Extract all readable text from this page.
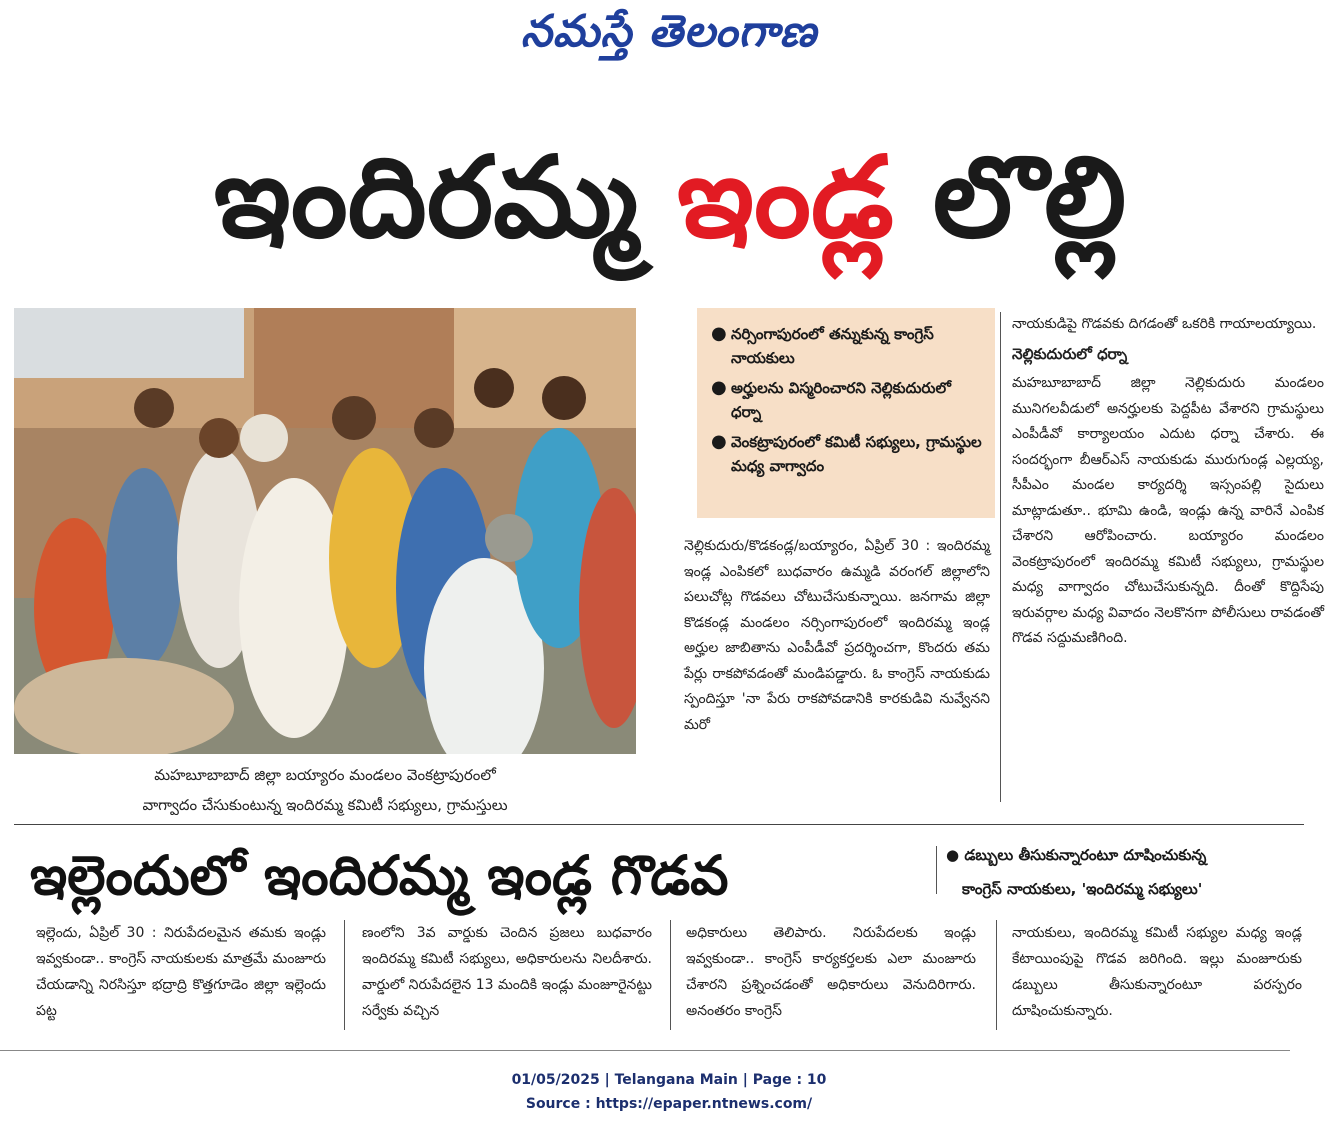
నమస్తే తెలంగాణ
ఇందిరమ్మ ఇండ్ల లొల్లి
మహబూబాబాద్ జిల్లా బయ్యారం మండలం వెంకట్రాపురంలో
వాగ్వాదం చేసుకుంటున్న ఇందిరమ్మ కమిటీ సభ్యులు, గ్రామస్తులు
● నర్సింగాపురంలో తన్నుకున్న కాంగ్రెస్ నాయకులు
● అర్హులను విస్మరించారని నెల్లికుదురులో ధర్నా
● వెంకట్రాపురంలో కమిటీ సభ్యులు, గ్రామస్థుల మధ్య వాగ్వాదం

నెల్లికుదురు/కొడకండ్ల/బయ్యారం, ఏప్రిల్ 30 : ఇందిరమ్మ ఇండ్ల ఎంపికలో బుధవారం ఉమ్మడి వరంగల్ జిల్లాలోని పలుచోట్ల గొడవలు చోటుచేసుకున్నాయి. జనగామ జిల్లా కొడకండ్ల మండలం నర్సింగాపురంలో ఇందిరమ్మ ఇండ్ల అర్హుల జాబితాను ఎంపీడీవో ప్రదర్శించగా, కొందరు తమ పేర్లు రాకపోవడంతో మండిపడ్డారు. ఓ కాంగ్రెస్ నాయకుడు స్పందిస్తూ 'నా పేరు రాకపోవడానికి కారకుడివి నువ్వేనని మరో

నాయకుడిపై గొడవకు దిగడంతో ఒకరికి గాయాలయ్యాయి.

నెల్లికుదురులో ధర్నా

మహబూబాబాద్ జిల్లా నెల్లికుదురు మండలం మునిగలవీడులో అనర్హులకు పెద్దపీట వేశారని గ్రామస్థులు ఎంపీడీవో కార్యాలయం ఎదుట ధర్నా చేశారు. ఈ సందర్భంగా బీఆర్‌ఎస్ నాయకుడు మురుగుండ్ల ఎల్లయ్య, సీపీఎం మండల కార్యదర్శి ఇస్సంపల్లి సైదులు మాట్లాడుతూ.. భూమి ఉండి, ఇండ్లు ఉన్న వారినే ఎంపిక చేశారని ఆరోపించారు. బయ్యారం మండలం వెంకట్రాపురంలో ఇందిరమ్మ కమిటీ సభ్యులు, గ్రామస్థుల మధ్య వాగ్వాదం చోటుచేసుకున్నది. దీంతో కొద్దిసేపు ఇరువర్గాల మధ్య వివాదం నెలకొనగా పోలీసులు రావడంతో గొడవ సద్దుమణిగింది.

ఇల్లెందులో ఇందిరమ్మ ఇండ్ల గొడవ	● డబ్బులు తీసుకున్నారంటూ దూషించుకున్న
కాంగ్రెస్ నాయకులు, 'ఇందిరమ్మ సభ్యులు'
ఇల్లెందు, ఏప్రిల్ 30 : నిరుపేదలమైన తమకు ఇండ్లు ఇవ్వకుండా.. కాంగ్రెస్ నాయకులకు మాత్రమే మంజూరు చేయడాన్ని నిరసిస్తూ భద్రాద్రి కొత్తగూడెం జిల్లా ఇల్లెందు పట్ట
ణంలోని 3వ వార్డుకు చెందిన ప్రజలు బుధవారం ఇందిరమ్మ కమిటీ సభ్యులు, అధికారులను నిలదీశారు. వార్డులో నిరుపేదలైన 13 మందికి ఇండ్లు మంజూరైనట్టు సర్వేకు వచ్చిన
అధికారులు తెలిపారు. నిరుపేదలకు ఇండ్లు ఇవ్వకుండా.. కాంగ్రెస్ కార్యకర్తలకు ఎలా మంజూరు చేశారని ప్రశ్నించడంతో అధికారులు వెనుదిరిగారు. అనంతరం కాంగ్రెస్
నాయకులు, ఇందిరమ్మ కమిటీ సభ్యుల మధ్య ఇండ్ల కేటాయింపుపై గొడవ జరిగింది. ఇల్లు మంజూరుకు డబ్బులు తీసుకున్నారంటూ పరస్పరం దూషించుకున్నారు.
01/05/2025 | Telangana Main | Page : 10
Source : https://epaper.ntnews.com/
